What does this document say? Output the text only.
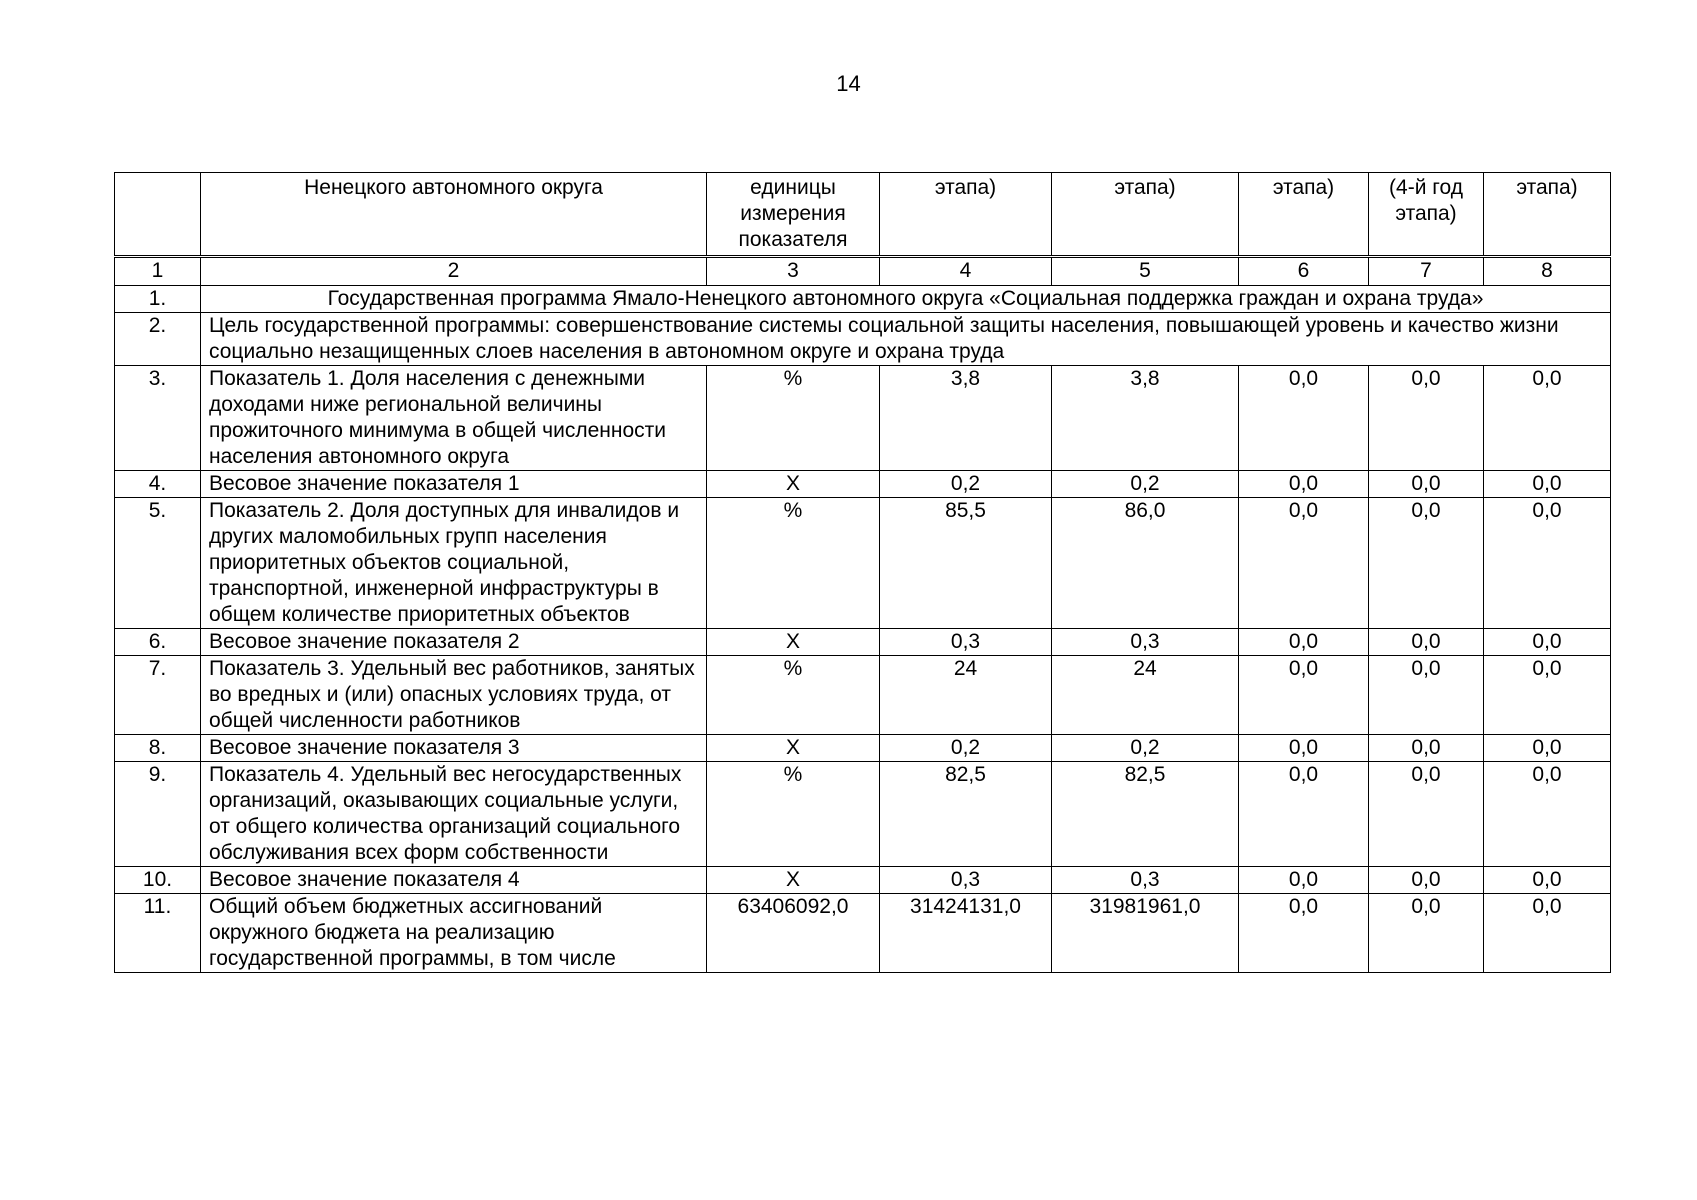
14
	Ненецкого автономного округа	единицы измерения показателя	этапа)	этапа)	этапа)	(4-й год этапа)	этапа)
1	2	3	4	5	6	7	8
1.	Государственная программа Ямало-Ненецкого автономного округа «Социальная поддержка граждан и охрана труда»						
2.	Цель государственной программы: совершенствование системы социальной защиты населения, повышающей уровень и качество жизни социально незащищенных слоев населения в автономном округе и охрана труда						
3.	Показатель 1. Доля населения с денежными доходами ниже региональной величины прожиточного минимума в общей численности населения автономного округа	%	3,8	3,8	0,0	0,0	0,0
4.	Весовое значение показателя 1	Х	0,2	0,2	0,0	0,0	0,0
5.	Показатель 2. Доля доступных для инвалидов и других маломобильных групп населения приоритетных объектов социальной, транспортной, инженерной инфраструктуры в общем количестве приоритетных объектов	%	85,5	86,0	0,0	0,0	0,0
6.	Весовое значение показателя 2	Х	0,3	0,3	0,0	0,0	0,0
7.	Показатель 3. Удельный вес работников, занятых во вредных и (или) опасных условиях труда, от общей численности работников	%	24	24	0,0	0,0	0,0
8.	Весовое значение показателя 3	Х	0,2	0,2	0,0	0,0	0,0
9.	Показатель 4. Удельный вес негосударственных организаций, оказывающих социальные услуги, от общего количества организаций социального обслуживания всех форм собственности	%	82,5	82,5	0,0	0,0	0,0
10.	Весовое значение показателя 4	Х	0,3	0,3	0,0	0,0	0,0
11.	Общий объем бюджетных ассигнований окружного бюджета на реализацию государственной программы, в том числе	63406092,0	31424131,0	31981961,0	0,0	0,0	0,0
